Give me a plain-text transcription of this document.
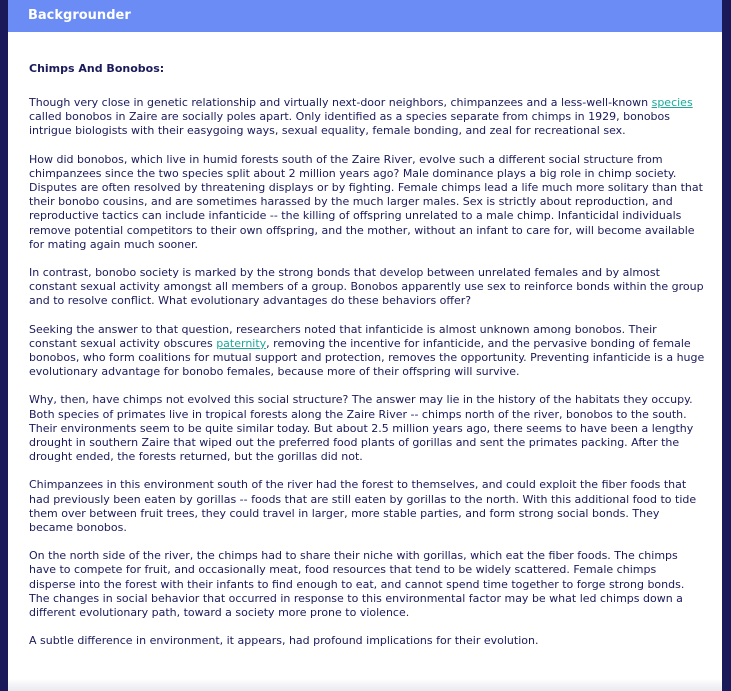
Backgrounder
Chimps And Bonobos:

Though very close in genetic relationship and virtually next-door neighbors, chimpanzees and a less-well-known species called bonobos in Zaire are socially poles apart. Only identified as a species separate from chimps in 1929, bonobos intrigue biologists with their easygoing ways, sexual equality, female bonding, and zeal for recreational sex.

How did bonobos, which live in humid forests south of the Zaire River, evolve such a different social structure from chimpanzees since the two species split about 2 million years ago? Male dominance plays a big role in chimp society. Disputes are often resolved by threatening displays or by fighting. Female chimps lead a life much more solitary than that their bonobo cousins, and are sometimes harassed by the much larger males. Sex is strictly about reproduction, and reproductive tactics can include infanticide -- the killing of offspring unrelated to a male chimp. Infanticidal individuals remove potential competitors to their own offspring, and the mother, without an infant to care for, will become available for mating again much sooner.

In contrast, bonobo society is marked by the strong bonds that develop between unrelated females and by almost constant sexual activity amongst all members of a group. Bonobos apparently use sex to reinforce bonds within the group and to resolve conflict. What evolutionary advantages do these behaviors offer?

Seeking the answer to that question, researchers noted that infanticide is almost unknown among bonobos. Their constant sexual activity obscures paternity, removing the incentive for infanticide, and the pervasive bonding of female bonobos, who form coalitions for mutual support and protection, removes the opportunity. Preventing infanticide is a huge evolutionary advantage for bonobo females, because more of their offspring will survive.

Why, then, have chimps not evolved this social structure? The answer may lie in the history of the habitats they occupy. Both species of primates live in tropical forests along the Zaire River -- chimps north of the river, bonobos to the south. Their environments seem to be quite similar today. But about 2.5 million years ago, there seems to have been a lengthy drought in southern Zaire that wiped out the preferred food plants of gorillas and sent the primates packing. After the drought ended, the forests returned, but the gorillas did not.

Chimpanzees in this environment south of the river had the forest to themselves, and could exploit the fiber foods that had previously been eaten by gorillas -- foods that are still eaten by gorillas to the north. With this additional food to tide them over between fruit trees, they could travel in larger, more stable parties, and form strong social bonds. They became bonobos.

On the north side of the river, the chimps had to share their niche with gorillas, which eat the fiber foods. The chimps have to compete for fruit, and occasionally meat, food resources that tend to be widely scattered. Female chimps disperse into the forest with their infants to find enough to eat, and cannot spend time together to forge strong bonds. The changes in social behavior that occurred in response to this environmental factor may be what led chimps down a different evolutionary path, toward a society more prone to violence.

A subtle difference in environment, it appears, had profound implications for their evolution.
